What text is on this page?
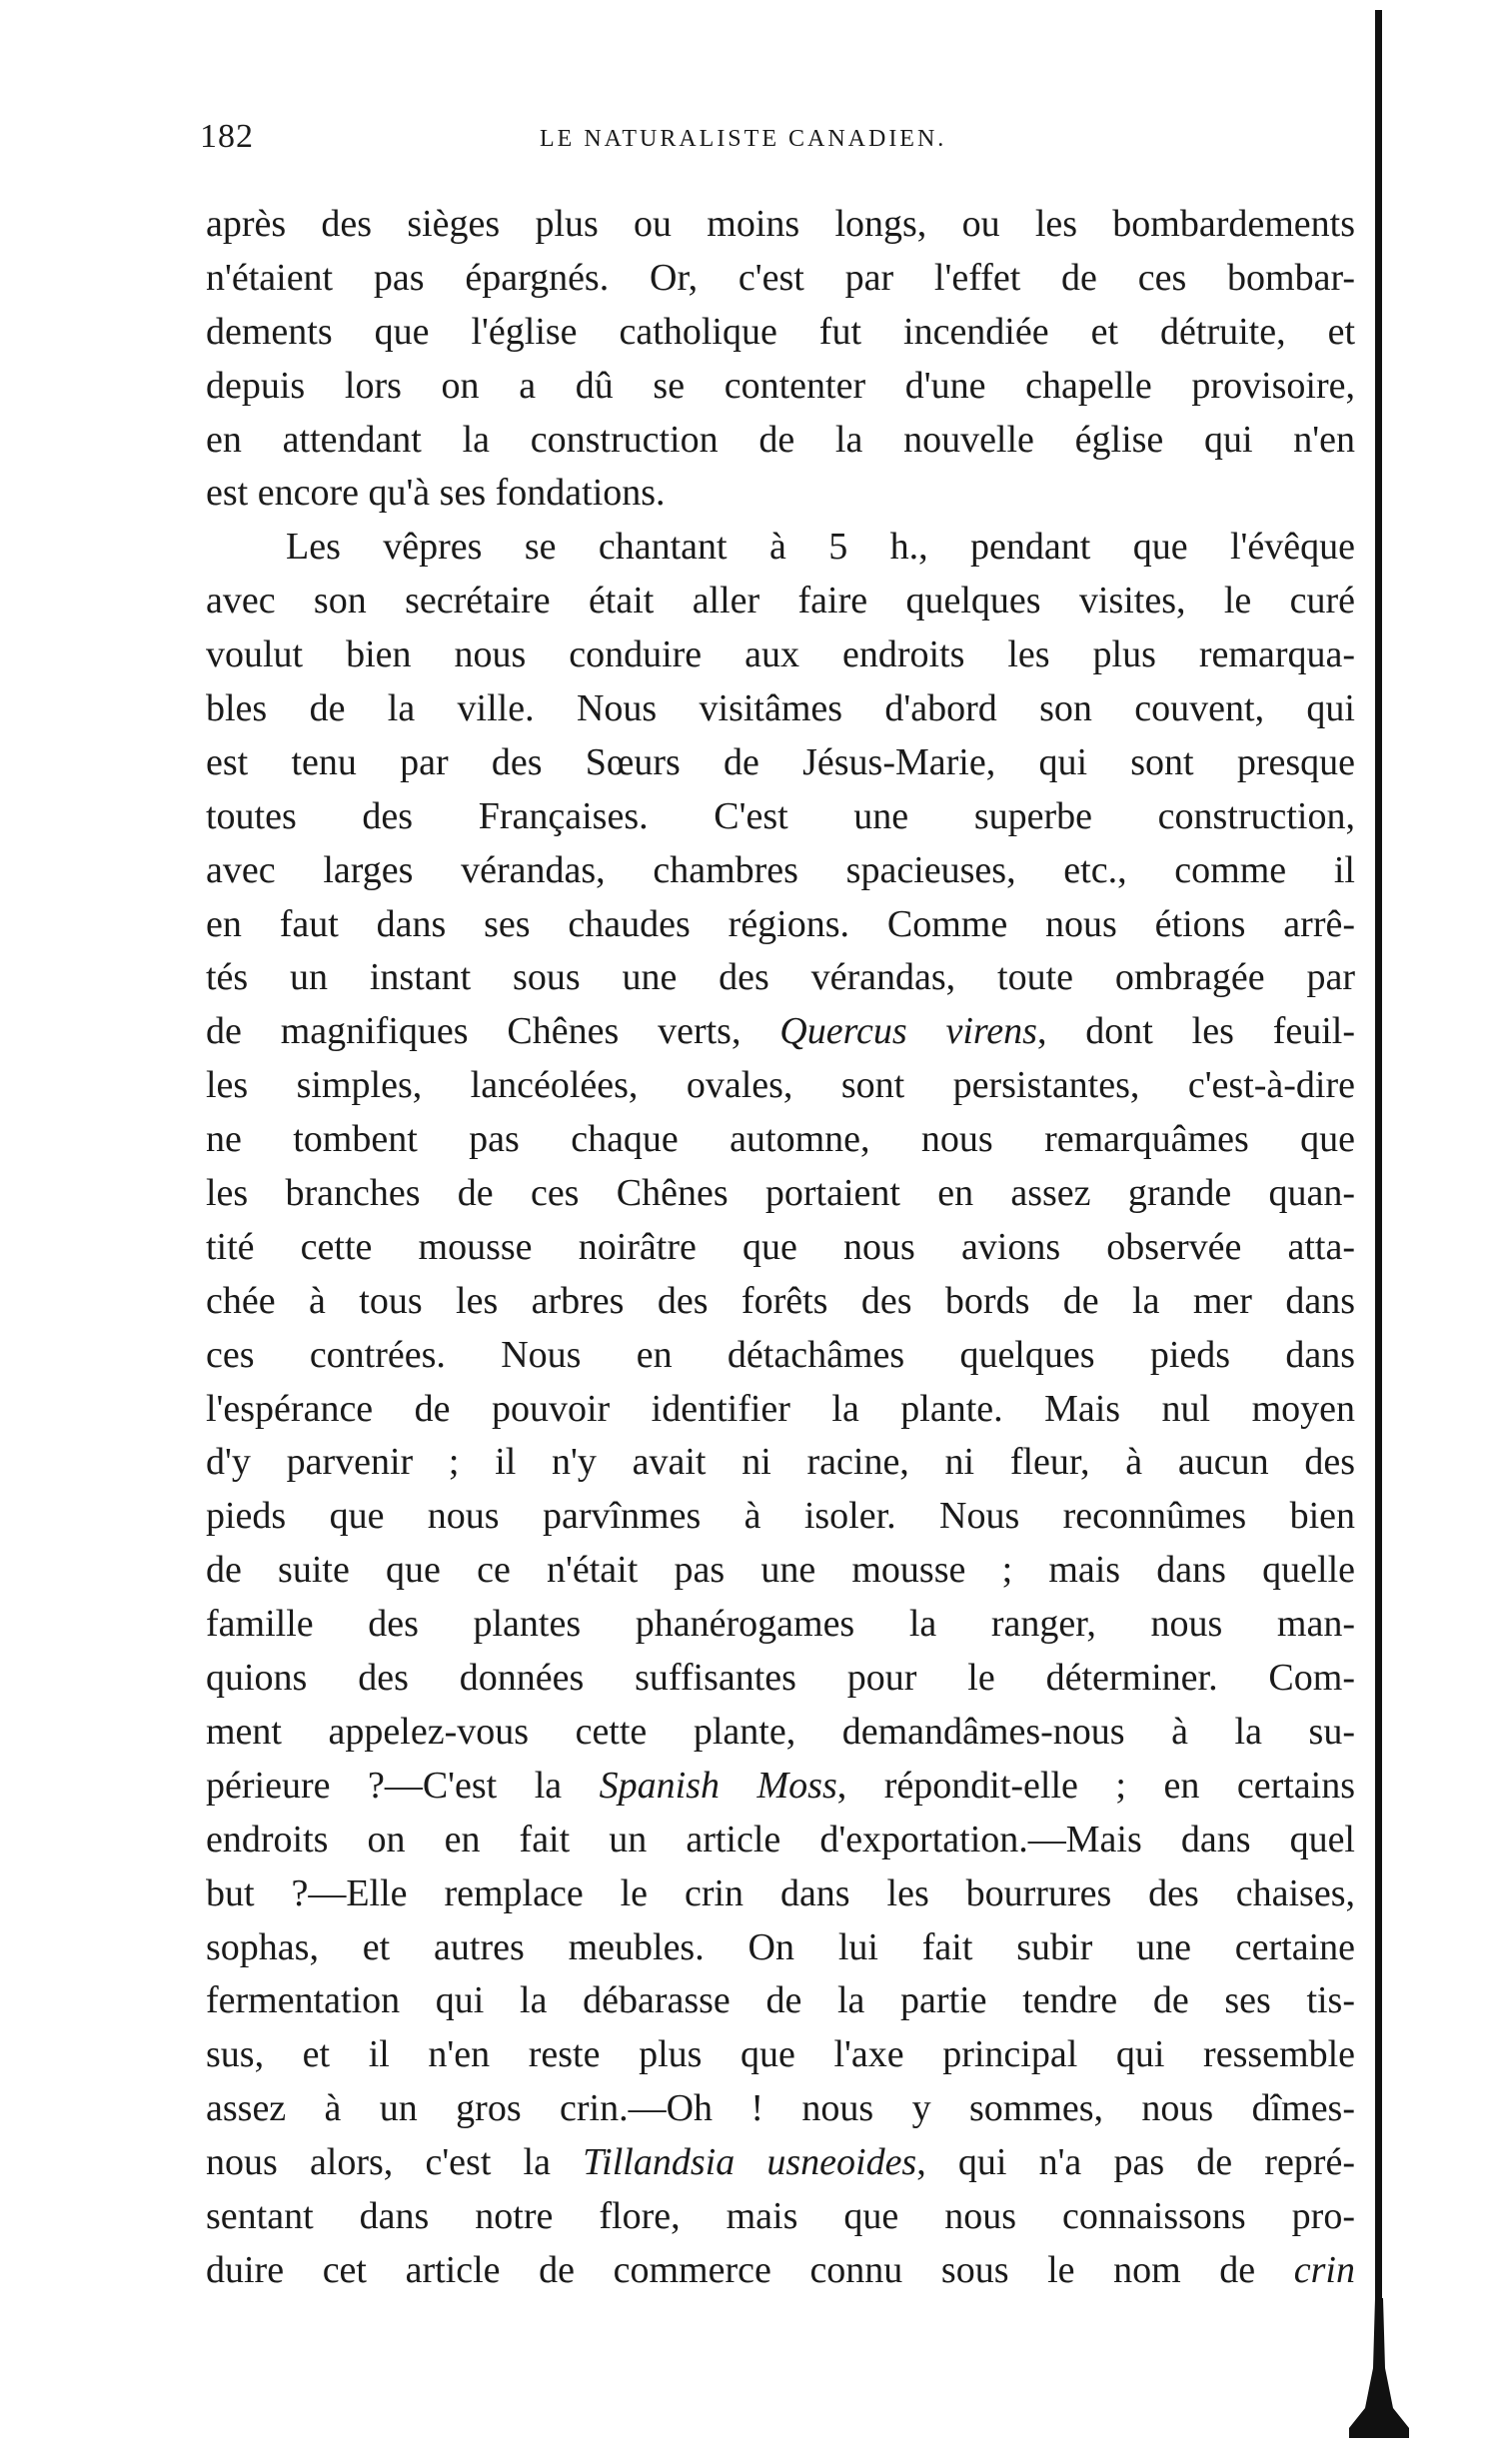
182	LE NATURALISTE CANADIEN.
après des sièges plus ou moins longs, ou les bombardements
n'étaient pas épargnés. Or, c'est par l'effet de ces bombar-
dements que l'église catholique fut incendiée et détruite, et
depuis lors on a dû se contenter d'une chapelle provisoire,
en attendant la construction de la nouvelle église qui n'en
est encore qu'à ses fondations.
Les vêpres se chantant à 5 h., pendant que l'évêque
avec son secrétaire était aller faire quelques visites, le curé
voulut bien nous conduire aux endroits les plus remarqua-
bles de la ville. Nous visitâmes d'abord son couvent, qui
est tenu par des Sœurs de Jésus-Marie, qui sont presque
toutes des Françaises. C'est une superbe construction,
avec larges vérandas, chambres spacieuses, etc., comme il
en faut dans ses chaudes régions. Comme nous étions arrê-
tés un instant sous une des vérandas, toute ombragée par
de magnifiques Chênes verts, Quercus virens, dont les feuil-
les simples, lancéolées, ovales, sont persistantes, c'est-à-dire
ne tombent pas chaque automne, nous remarquâmes que
les branches de ces Chênes portaient en assez grande quan-
tité cette mousse noirâtre que nous avions observée atta-
chée à tous les arbres des forêts des bords de la mer dans
ces contrées. Nous en détachâmes quelques pieds dans
l'espérance de pouvoir identifier la plante. Mais nul moyen
d'y parvenir ; il n'y avait ni racine, ni fleur, à aucun des
pieds que nous parvînmes à isoler. Nous reconnûmes bien
de suite que ce n'était pas une mousse ; mais dans quelle
famille des plantes phanérogames la ranger, nous man-
quions des données suffisantes pour le déterminer. Com-
ment appelez-vous cette plante, demandâmes-nous à la su-
périeure ?—C'est la Spanish Moss, répondit-elle ; en certains
endroits on en fait un article d'exportation.—Mais dans quel
but ?—Elle remplace le crin dans les bourrures des chaises,
sophas, et autres meubles. On lui fait subir une certaine
fermentation qui la débarasse de la partie tendre de ses tis-
sus, et il n'en reste plus que l'axe principal qui ressemble
assez à un gros crin.—Oh ! nous y sommes, nous dîmes-
nous alors, c'est la Tillandsia usneoides, qui n'a pas de repré-
sentant dans notre flore, mais que nous connaissons pro-
duire cet article de commerce connu sous le nom de crin
